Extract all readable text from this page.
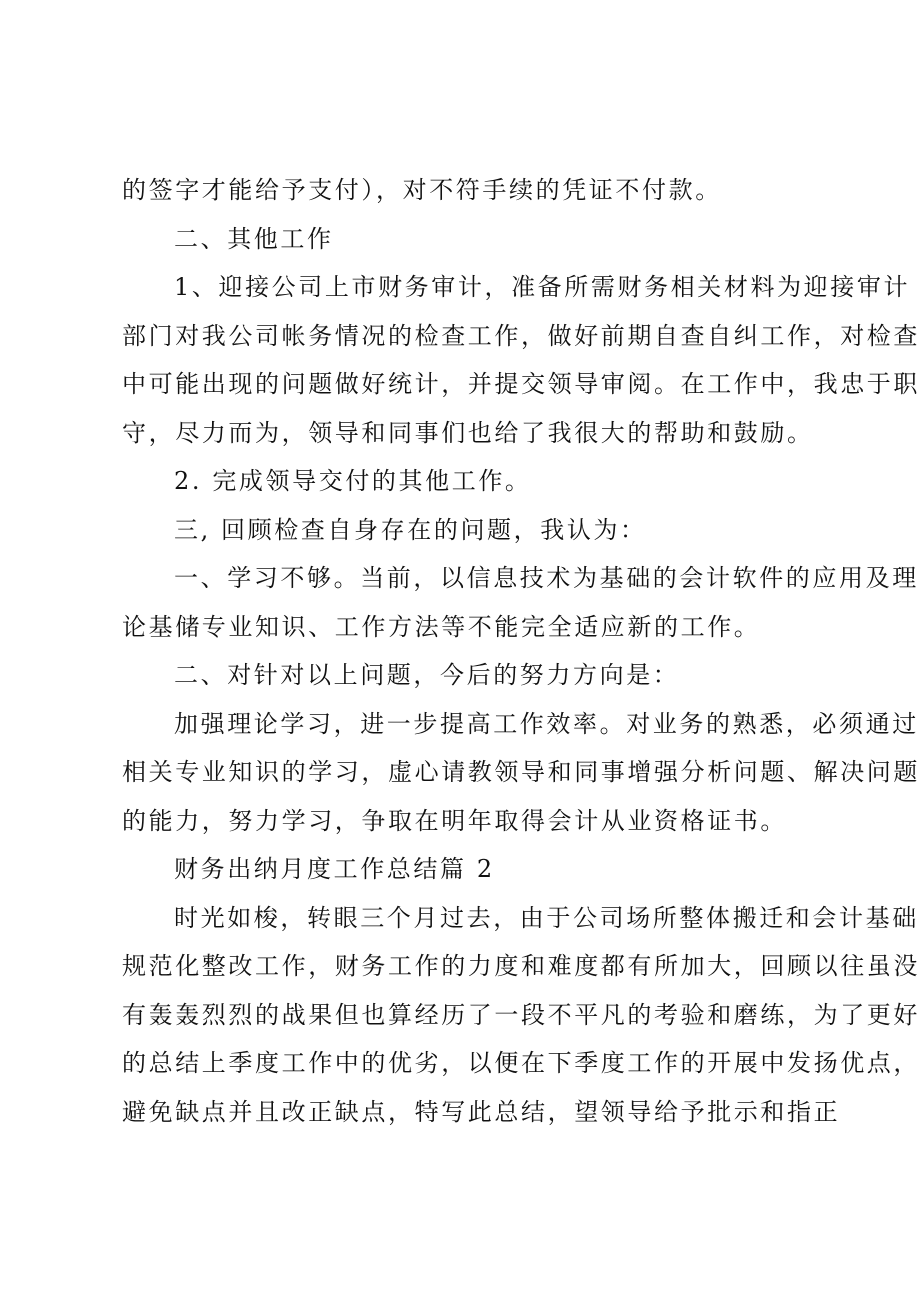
的签字才能给予支付），对不符手续的凭证不付款。
二、其他工作
1、迎接公司上市财务审计，准备所需财务相关材料为迎接审计
部门对我公司帐务情况的检查工作，做好前期自查自纠工作，对检查
中可能出现的问题做好统计，并提交领导审阅。在工作中，我忠于职
守，尽力而为，领导和同事们也给了我很大的帮助和鼓励。
2. 完成领导交付的其他工作。
三, 回顾检查自身存在的问题，我认为：
一、学习不够。当前，以信息技术为基础的会计软件的应用及理
论基储专业知识、工作方法等不能完全适应新的工作。
二、对针对以上问题，今后的努力方向是：
加强理论学习，进一步提高工作效率。对业务的熟悉，必须通过
相关专业知识的学习，虚心请教领导和同事增强分析问题、解决问题
的能力，努力学习，争取在明年取得会计从业资格证书。
财务出纳月度工作总结篇 2
时光如梭，转眼三个月过去，由于公司场所整体搬迁和会计基础
规范化整改工作，财务工作的力度和难度都有所加大，回顾以往虽没
有轰轰烈烈的战果但也算经历了一段不平凡的考验和磨练，为了更好
的总结上季度工作中的优劣，以便在下季度工作的开展中发扬优点，
避免缺点并且改正缺点，特写此总结，望领导给予批示和指正
